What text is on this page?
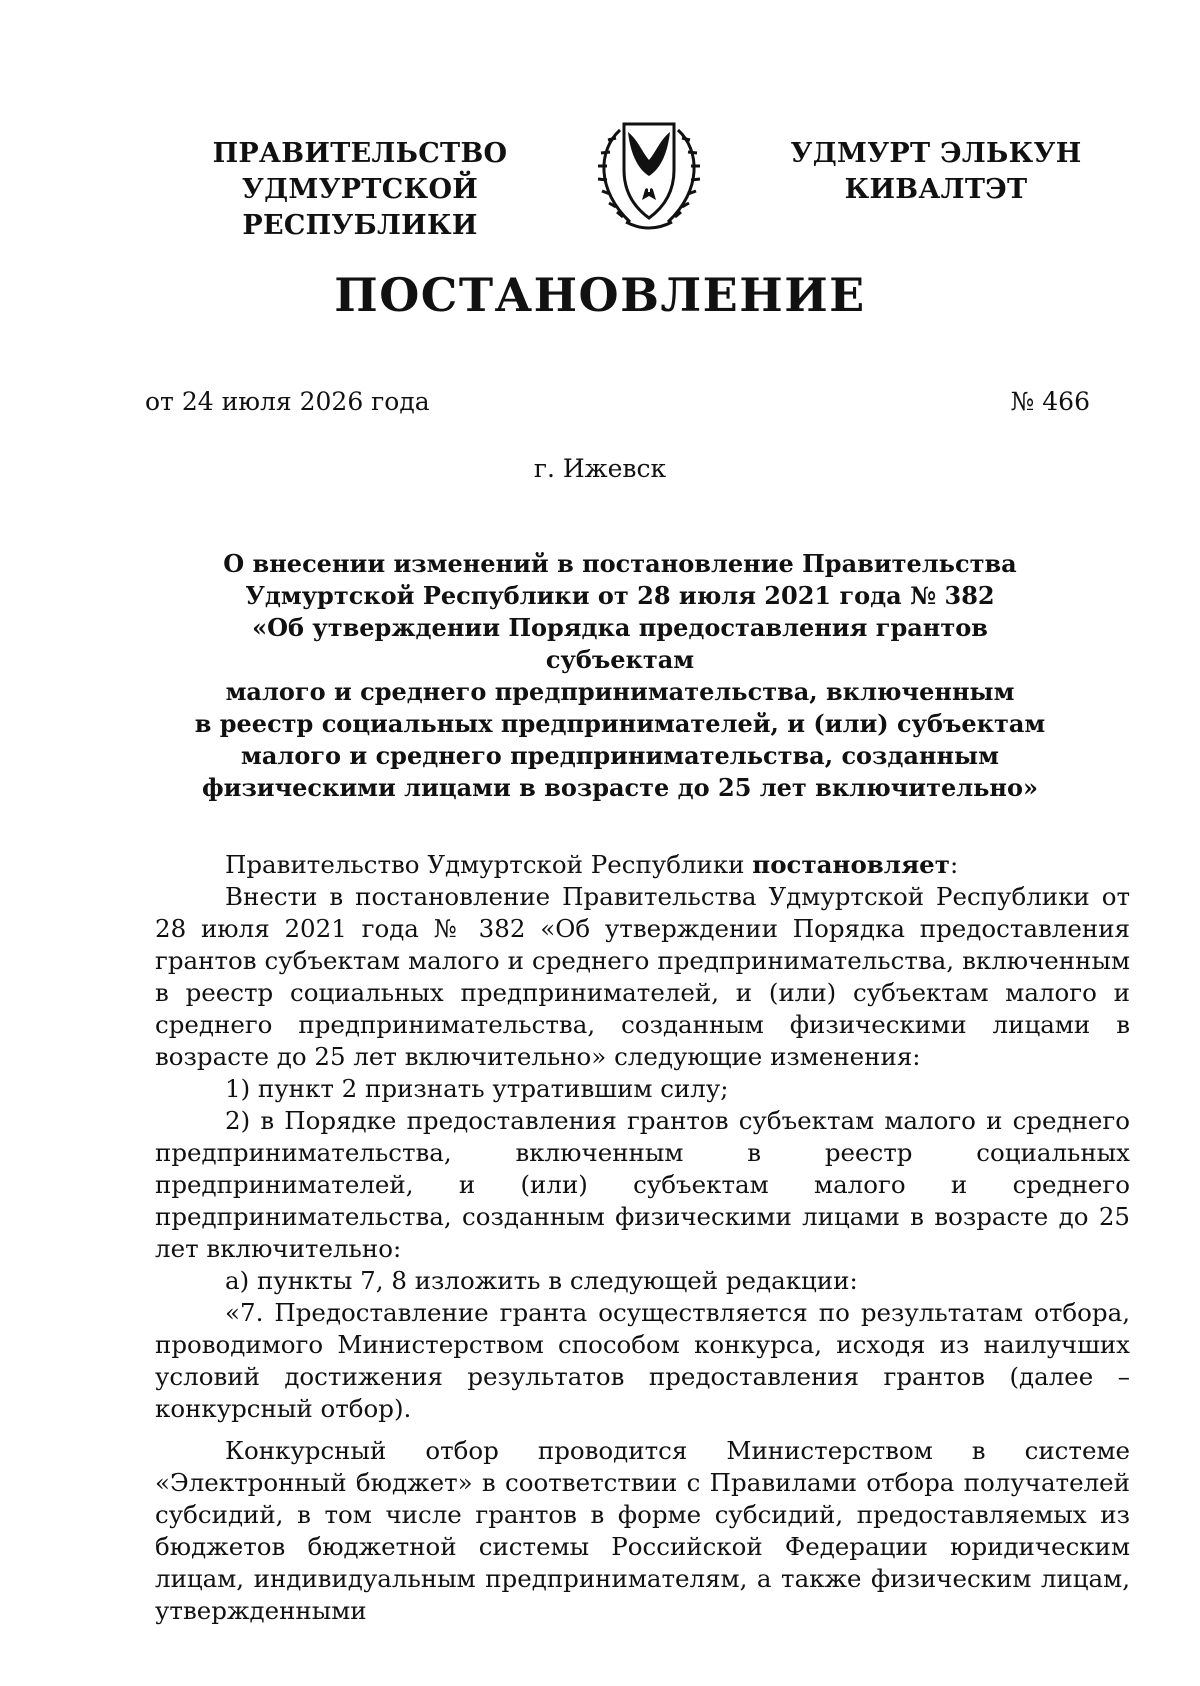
ПРАВИТЕЛЬСТВО
УДМУРТСКОЙ РЕСПУБЛИКИ
УДМУРТ ЭЛЬКУН
КИВАЛТЭТ
ПОСТАНОВЛЕНИЕ
от 24 июля 2026 года	№ 466
г. Ижевск
О внесении изменений в постановление Правительства
Удмуртской Республики от 28 июля 2021 года № 382
«Об утверждении Порядка предоставления грантов субъектам
малого и среднего предпринимательства, включенным
в реестр социальных предпринимателей, и (или) субъектам
малого и среднего предпринимательства, созданным
физическими лицами в возрасте до 25 лет включительно»

Правительство Удмуртской Республики постановляет:

Внести в постановление Правительства Удмуртской Республики от 28 июля 2021 года № 382 «Об утверждении Порядка предоставления грантов субъектам малого и среднего предпринимательства, включенным в реестр социальных предпринимателей, и (или) субъектам малого и среднего предпринимательства, созданным физическими лицами в возрасте до 25 лет включительно» следующие изменения:

1) пункт 2 признать утратившим силу;

2) в Порядке предоставления грантов субъектам малого и среднего предпринимательства, включенным в реестр социальных предпринимателей, и (или) субъектам малого и среднего предпринимательства, созданным физическими лицами в возрасте до 25 лет включительно:

а) пункты 7, 8 изложить в следующей редакции:

«7. Предоставление гранта осуществляется по результатам отбора, проводимого Министерством способом конкурса, исходя из наилучших условий достижения результатов предоставления грантов (далее – конкурсный отбор).

Конкурсный отбор проводится Министерством в системе «Электронный бюджет» в соответствии с Правилами отбора получателей субсидий, в том числе грантов в форме субсидий, предоставляемых из бюджетов бюджетной системы Российской Федерации юридическим лицам, индивидуальным предпринимателям, а также физическим лицам, утвержденными
